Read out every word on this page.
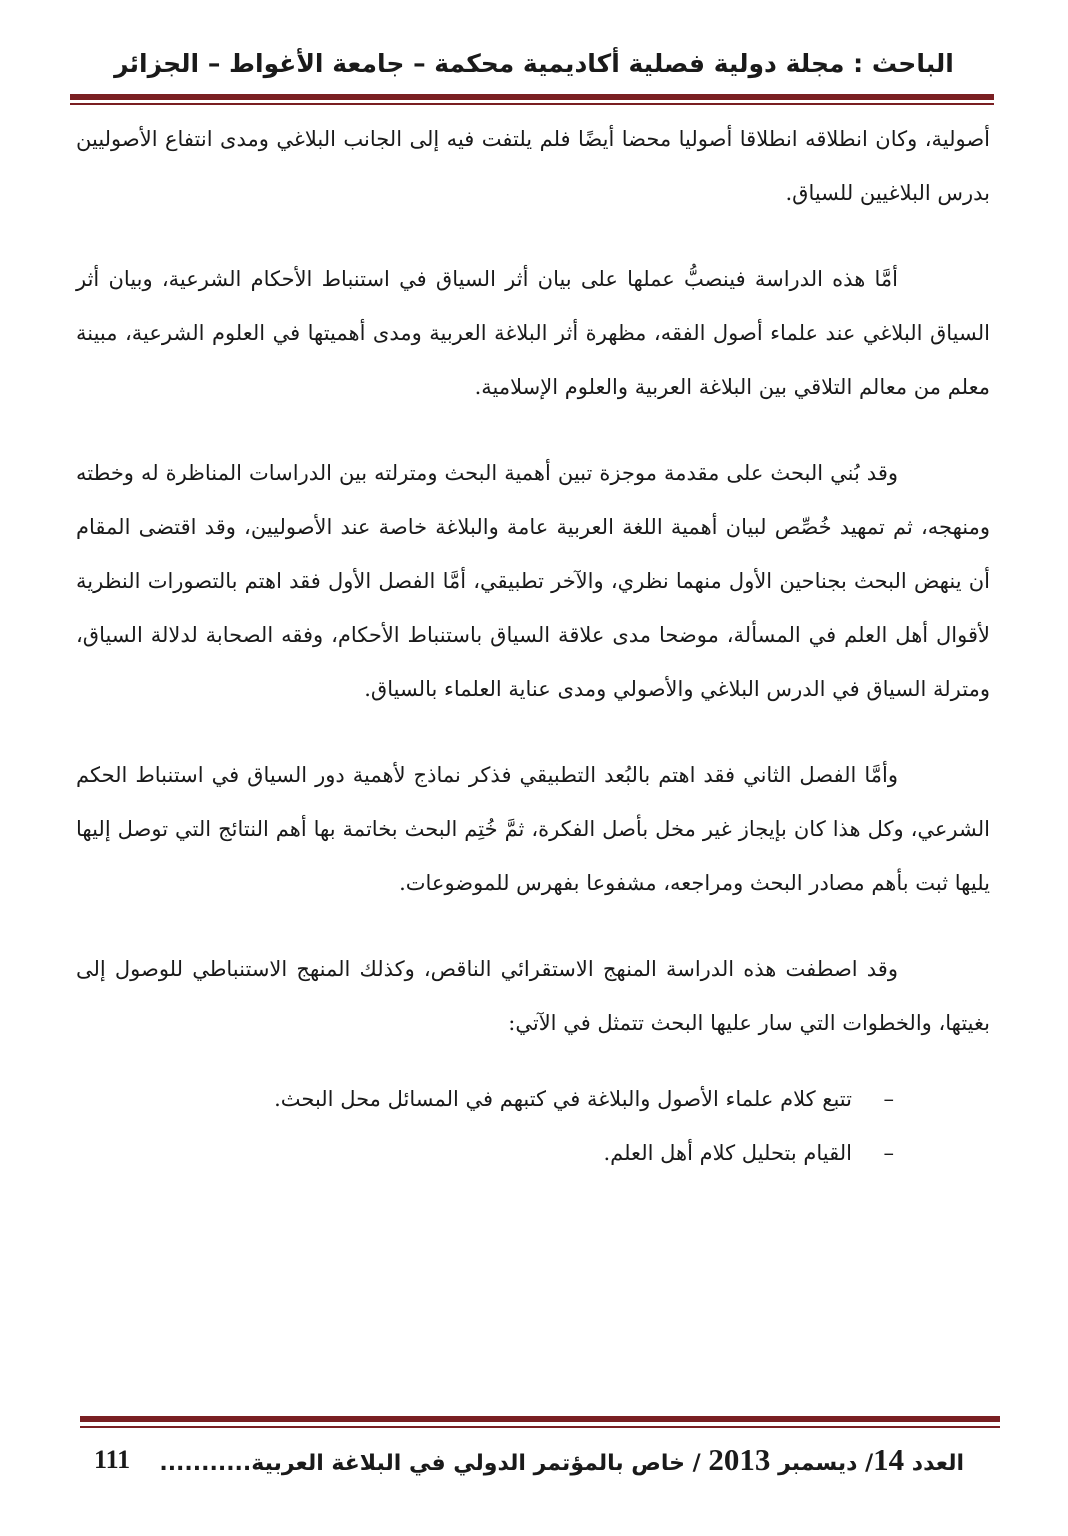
الباحث : مجلة دولية فصلية أكاديمية محكمة – جامعة الأغواط – الجزائر

أصولية، وكان انطلاقه انطلاقا أصوليا محضا أيضًا فلم يلتفت فيه إلى الجانب البلاغي ومدى انتفاع الأصوليين بدرس البلاغيين للسياق.

أمَّا هذه الدراسة فينصبُّ عملها على بيان أثر السياق في استنباط الأحكام الشرعية، وبيان أثر السياق البلاغي عند علماء أصول الفقه، مظهرة أثر البلاغة العربية ومدى أهميتها في العلوم الشرعية، مبينة معلم من معالم التلاقي بين البلاغة العربية والعلوم الإسلامية.

وقد بُني البحث على مقدمة موجزة تبين أهمية البحث ومترلته بين الدراسات المناظرة له وخطته ومنهجه، ثم تمهيد خُصِّص لبيان أهمية اللغة العربية عامة والبلاغة خاصة عند الأصوليين، وقد اقتضى المقام أن ينهض البحث بجناحين الأول منهما نظري، والآخر تطبيقي، أمَّا الفصل الأول فقد اهتم بالتصورات النظرية لأقوال أهل العلم في المسألة، موضحا مدى علاقة السياق باستنباط الأحكام، وفقه الصحابة لدلالة السياق، ومترلة السياق في الدرس البلاغي والأصولي ومدى عناية العلماء بالسياق.

وأمَّا الفصل الثاني فقد اهتم بالبُعد التطبيقي فذكر نماذج لأهمية دور السياق في استنباط الحكم الشرعي، وكل هذا كان بإيجاز غير مخل بأصل الفكرة، ثمَّ خُتِم البحث بخاتمة بها أهم النتائج التي توصل إليها يليها ثبت بأهم مصادر البحث ومراجعه، مشفوعا بفهرس للموضوعات.

وقد اصطفت هذه الدراسة المنهج الاستقرائي الناقص، وكذلك المنهج الاستنباطي للوصول إلى بغيتها، والخطوات التي سار عليها البحث تتمثل في الآتي:

–
تتبع كلام علماء الأصول والبلاغة في كتبهم في المسائل محل البحث.
–
القيام بتحليل كلام أهل العلم.
العدد 14/ ديسمبر 2013 / خاص بالمؤتمر الدولي في البلاغة العربية...........
111
